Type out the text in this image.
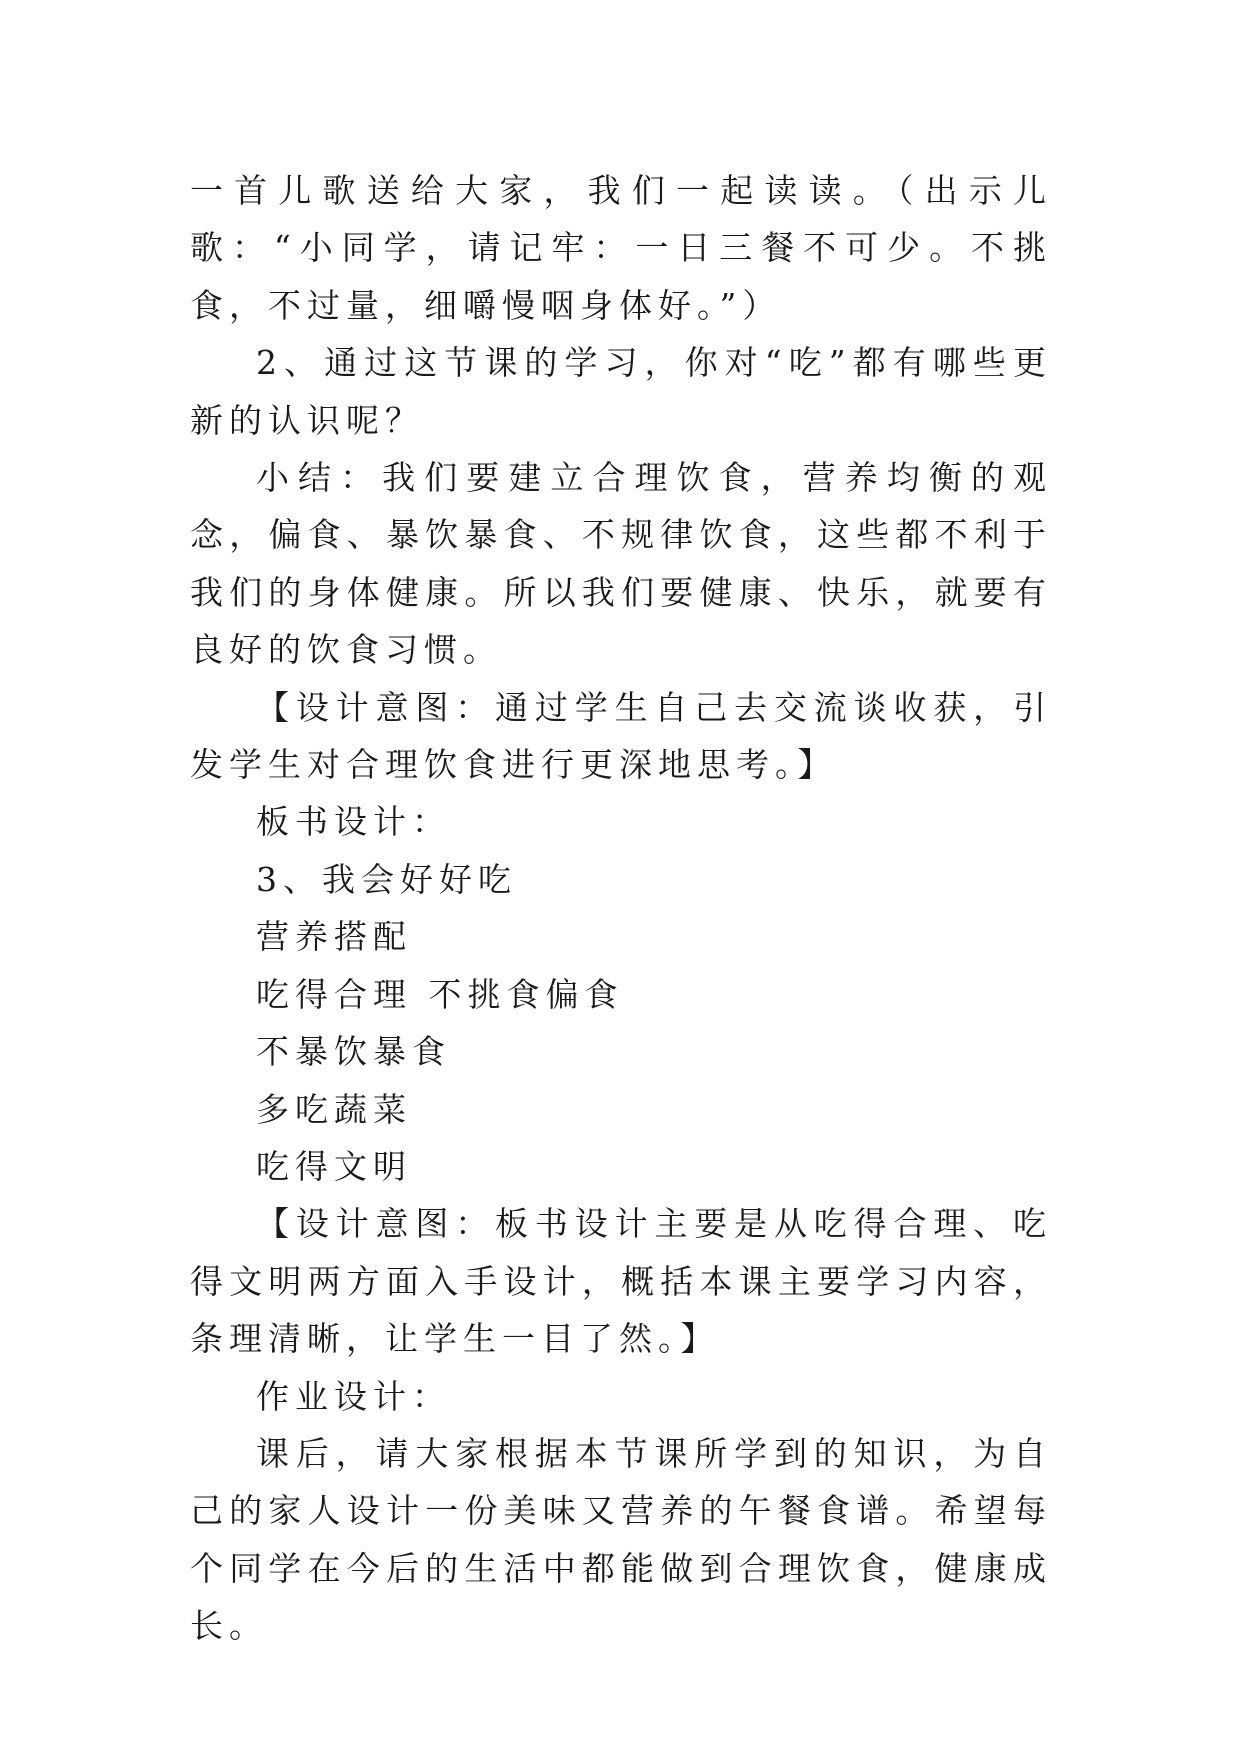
一首儿歌送给大家，我们一起读读。（出示儿歌：“小同学，请记牢：一日三餐不可少。不挑食，不过量，细嚼慢咽身体好。”）

2、通过这节课的学习，你对“吃”都有哪些更新的认识呢？

小结：我们要建立合理饮食，营养均衡的观念，偏食、暴饮暴食、不规律饮食，这些都不利于我们的身体健康。所以我们要健康、快乐，就要有良好的饮食习惯。

【设计意图：通过学生自己去交流谈收获，引发学生对合理饮食进行更深地思考。】

板书设计：

3、我会好好吃

营养搭配

吃得合理 不挑食偏食

不暴饮暴食

多吃蔬菜

吃得文明

【设计意图：板书设计主要是从吃得合理、吃得文明两方面入手设计，概括本课主要学习内容，条理清晰，让学生一目了然。】

作业设计：

课后，请大家根据本节课所学到的知识，为自己的家人设计一份美味又营养的午餐食谱。希望每个同学在今后的生活中都能做到合理饮食，健康成长。
